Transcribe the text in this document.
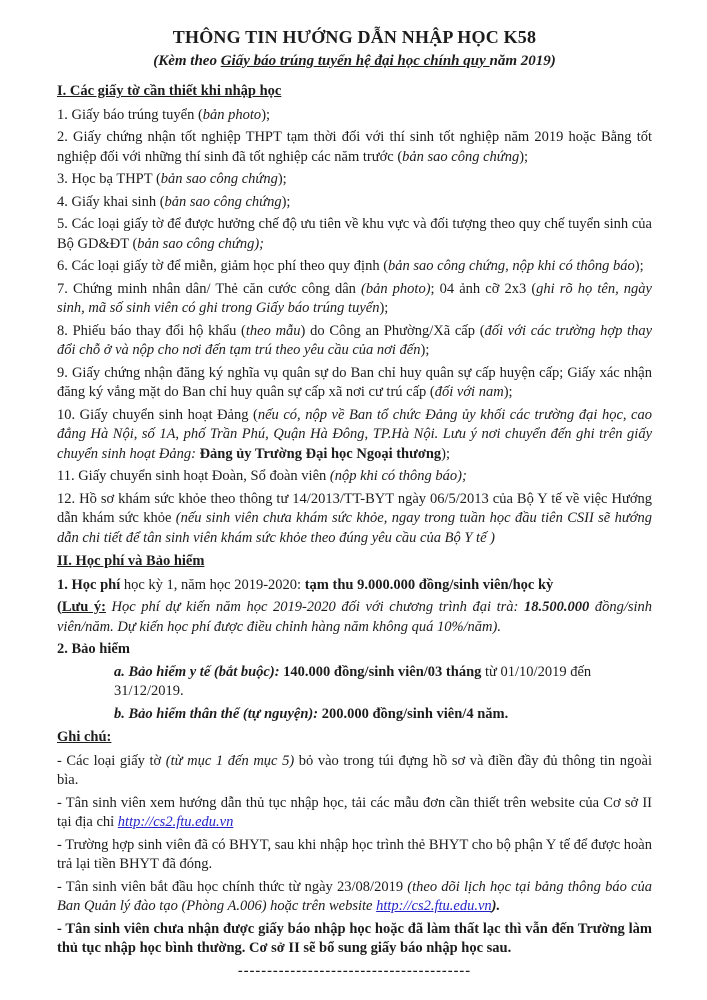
THÔNG TIN HƯỚNG DẪN NHẬP HỌC K58

(Kèm theo Giấy báo trúng tuyển hệ đại học chính quy năm 2019)

I. Các giấy tờ cần thiết khi nhập học

1. Giấy báo trúng tuyển (bản photo);

2. Giấy chứng nhận tốt nghiệp THPT tạm thời đối với thí sinh tốt nghiệp năm 2019 hoặc Bằng tốt nghiệp đối với những thí sinh đã tốt nghiệp các năm trước (bản sao công chứng);

3. Học bạ THPT (bản sao công chứng);

4. Giấy khai sinh (bản sao công chứng);

5. Các loại giấy tờ để được hưởng chế độ ưu tiên về khu vực và đối tượng theo quy chế tuyển sinh của Bộ GD&ĐT (bản sao công chứng);

6. Các loại giấy tờ để miễn, giảm học phí theo quy định (bản sao công chứng, nộp khi có thông báo);

7. Chứng minh nhân dân/ Thẻ căn cước công dân (bản photo); 04 ảnh cỡ 2x3 (ghi rõ họ tên, ngày sinh, mã số sinh viên có ghi trong Giấy báo trúng tuyển);

8. Phiếu báo thay đổi hộ khẩu (theo mẫu) do Công an Phường/Xã cấp (đối với các trường hợp thay đổi chỗ ở và nộp cho nơi đến tạm trú theo yêu cầu của nơi đến);

9. Giấy chứng nhận đăng ký nghĩa vụ quân sự do Ban chỉ huy quân sự cấp huyện cấp; Giấy xác nhận đăng ký vắng mặt do Ban chỉ huy quân sự cấp xã nơi cư trú cấp (đối với nam);

10. Giấy chuyển sinh hoạt Đảng (nếu có, nộp về Ban tổ chức Đảng ủy khối các trường đại học, cao đẳng Hà Nội, số 1A, phố Trần Phú, Quận Hà Đông, TP.Hà Nội. Lưu ý nơi chuyển đến ghi trên giấy chuyển sinh hoạt Đảng: Đảng ủy Trường Đại học Ngoại thương);

11. Giấy chuyển sinh hoạt Đoàn, Sổ đoàn viên (nộp khi có thông báo);

12. Hồ sơ khám sức khỏe theo thông tư 14/2013/TT-BYT ngày 06/5/2013 của Bộ Y tế về việc Hướng dẫn khám sức khỏe (nếu sinh viên chưa khám sức khỏe, ngay trong tuần học đầu tiên CSII sẽ hướng dẫn chi tiết để tân sinh viên khám sức khỏe theo đúng yêu cầu của Bộ Y tế )

II. Học phí và Bảo hiểm

1. Học phí học kỳ 1, năm học 2019-2020: tạm thu 9.000.000 đồng/sinh viên/học kỳ

(Lưu ý: Học phí dự kiến năm học 2019-2020 đối với chương trình đại trà: 18.500.000 đồng/sinh viên/năm. Dự kiến học phí được điều chỉnh hàng năm không quá 10%/năm).

2. Bảo hiểm

a. Bảo hiểm y tế (bắt buộc): 140.000 đồng/sinh viên/03 tháng từ 01/10/2019 đến 31/12/2019.

b. Bảo hiểm thân thể (tự nguyện): 200.000 đồng/sinh viên/4 năm.

Ghi chú:

- Các loại giấy tờ (từ mục 1 đến mục 5) bỏ vào trong túi đựng hồ sơ và điền đầy đủ thông tin ngoài bìa.

- Tân sinh viên xem hướng dẫn thủ tục nhập học, tải các mẫu đơn cần thiết trên website của Cơ sở II tại địa chỉ http://cs2.ftu.edu.vn

- Trường hợp sinh viên đã có BHYT, sau khi nhập học trình thẻ BHYT cho bộ phận Y tế để được hoàn trả lại tiền BHYT đã đóng.

- Tân sinh viên bắt đầu học chính thức từ ngày 23/08/2019 (theo dõi lịch học tại bảng thông báo của Ban Quản lý đào tạo (Phòng A.006) hoặc trên website http://cs2.ftu.edu.vn).

- Tân sinh viên chưa nhận được giấy báo nhập học hoặc đã làm thất lạc thì vẫn đến Trường làm thủ tục nhập học bình thường. Cơ sở II sẽ bổ sung giấy báo nhập học sau.

----------------------------------------
